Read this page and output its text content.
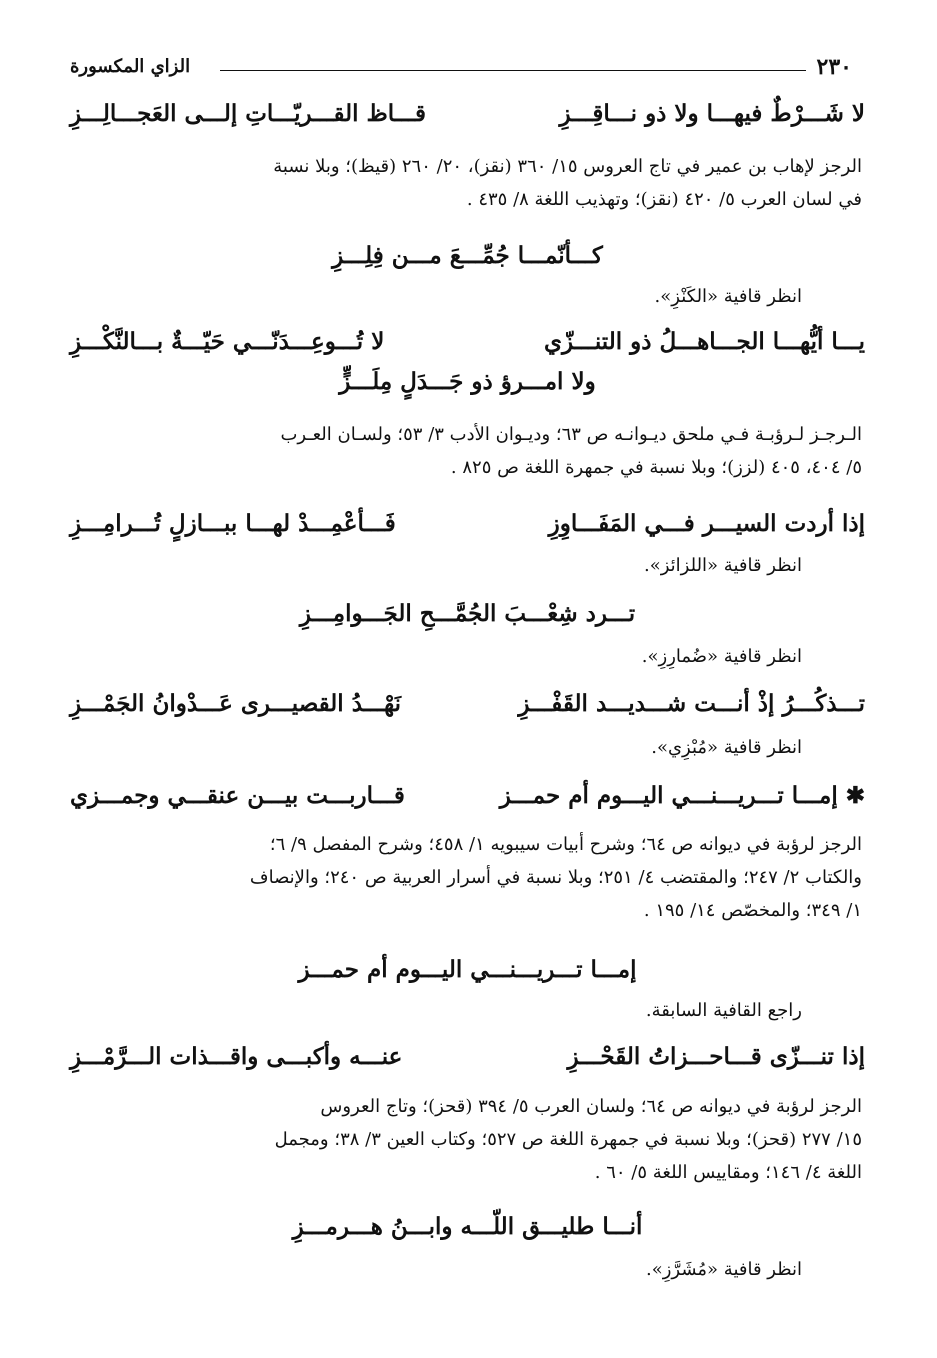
٢٣٠
الزاي المكسورة
لا شَـــرْطٌ فيهـــا ولا ذو نـــاقِـــزِ
قـــاظ القـــريّـــاتِ إلـــى العَجـــالِـــزِ

الرجز لإهاب بن عمير في تاج العروس ١٥/ ٣٦٠ (نقز)، ٢٠/ ٢٦٠ (قيظ)؛ وبلا نسبة

في لسان العرب ٥/ ٤٢٠ (نقز)؛ وتهذيب اللغة ٨/ ٤٣٥ .

كـــأنّمـــا جُمِّـــعَ مـــن فِلِـــزِ
انظر قافية «الكَنْزِ».
يـــا أيُّهـــا الجـــاهـــلُ ذو التنـــزّي
لا تُـــوعِـــدَنّـــي حَيّـــةٌ بـــالنَّكْـــزِ
ولا امـــرؤ ذو جَـــدَلٍ مِلَـــزٍّ

الـرجـز لـرؤبـة فـي ملحق ديـوانـه ص ٦٣؛ وديـوان الأدب ٣/ ٥٣؛ ولسـان العـرب

٥/ ٤٠٤، ٤٠٥ (لزز)؛ وبلا نسبة في جمهرة اللغة ص ٨٢٥ .

إذا أردت السيـــر فـــي المَفَـــاوِزِ
فَـــأعْمِـــدْ لهـــا ببـــازلٍ تُـــرامِـــزِ
انظر قافية «اللزائز».
تـــرد شِعْـــبَ الجُمَّـــحِ الجَـــوامِـــزِ
انظر قافية «ضُمارِزِ».
تـــذكُـــرُ إذْ أنـــت شـــديـــد القَفْـــزِ
نَهْـــدُ القصيـــرى عَـــدْوانُ الجَمْـــزِ
انظر قافية «مُبْزِي».
✱ إمـــا تـــريـــنـــي اليـــوم أم حمـــز
قـــاربـــت بيـــن عنقـــي وجمـــزي

الرجز لرؤبة في ديوانه ص ٦٤؛ وشرح أبيات سيبويه ١/ ٤٥٨؛ وشرح المفصل ٩/ ٦؛

والكتاب ٢/ ٢٤٧؛ والمقتضب ٤/ ٢٥١؛ وبلا نسبة في أسرار العربية ص ٢٤٠؛ والإنصاف

١/ ٣٤٩؛ والمخصّص ١٤/ ١٩٥ .

إمـــا تـــريـــنـــي اليـــوم أم حمـــز
راجع القافية السابقة.
إذا تنـــزّى قـــاحـــزاتُ القَحْـــزِ
عنـــه وأكبـــى واقـــذات الـــرَّمْـــزِ

الرجز لرؤبة في ديوانه ص ٦٤؛ ولسان العرب ٥/ ٣٩٤ (قحز)؛ وتاج العروس

١٥/ ٢٧٧ (قحز)؛ وبلا نسبة في جمهرة اللغة ص ٥٢٧؛ وكتاب العين ٣/ ٣٨؛ ومجمل

اللغة ٤/ ١٤٦؛ ومقاييس اللغة ٥/ ٦٠ .

أنـــا طليـــق اللّـــه وابـــنُ هـــرمـــزِ
انظر قافية «مُشَرَّزِ».
